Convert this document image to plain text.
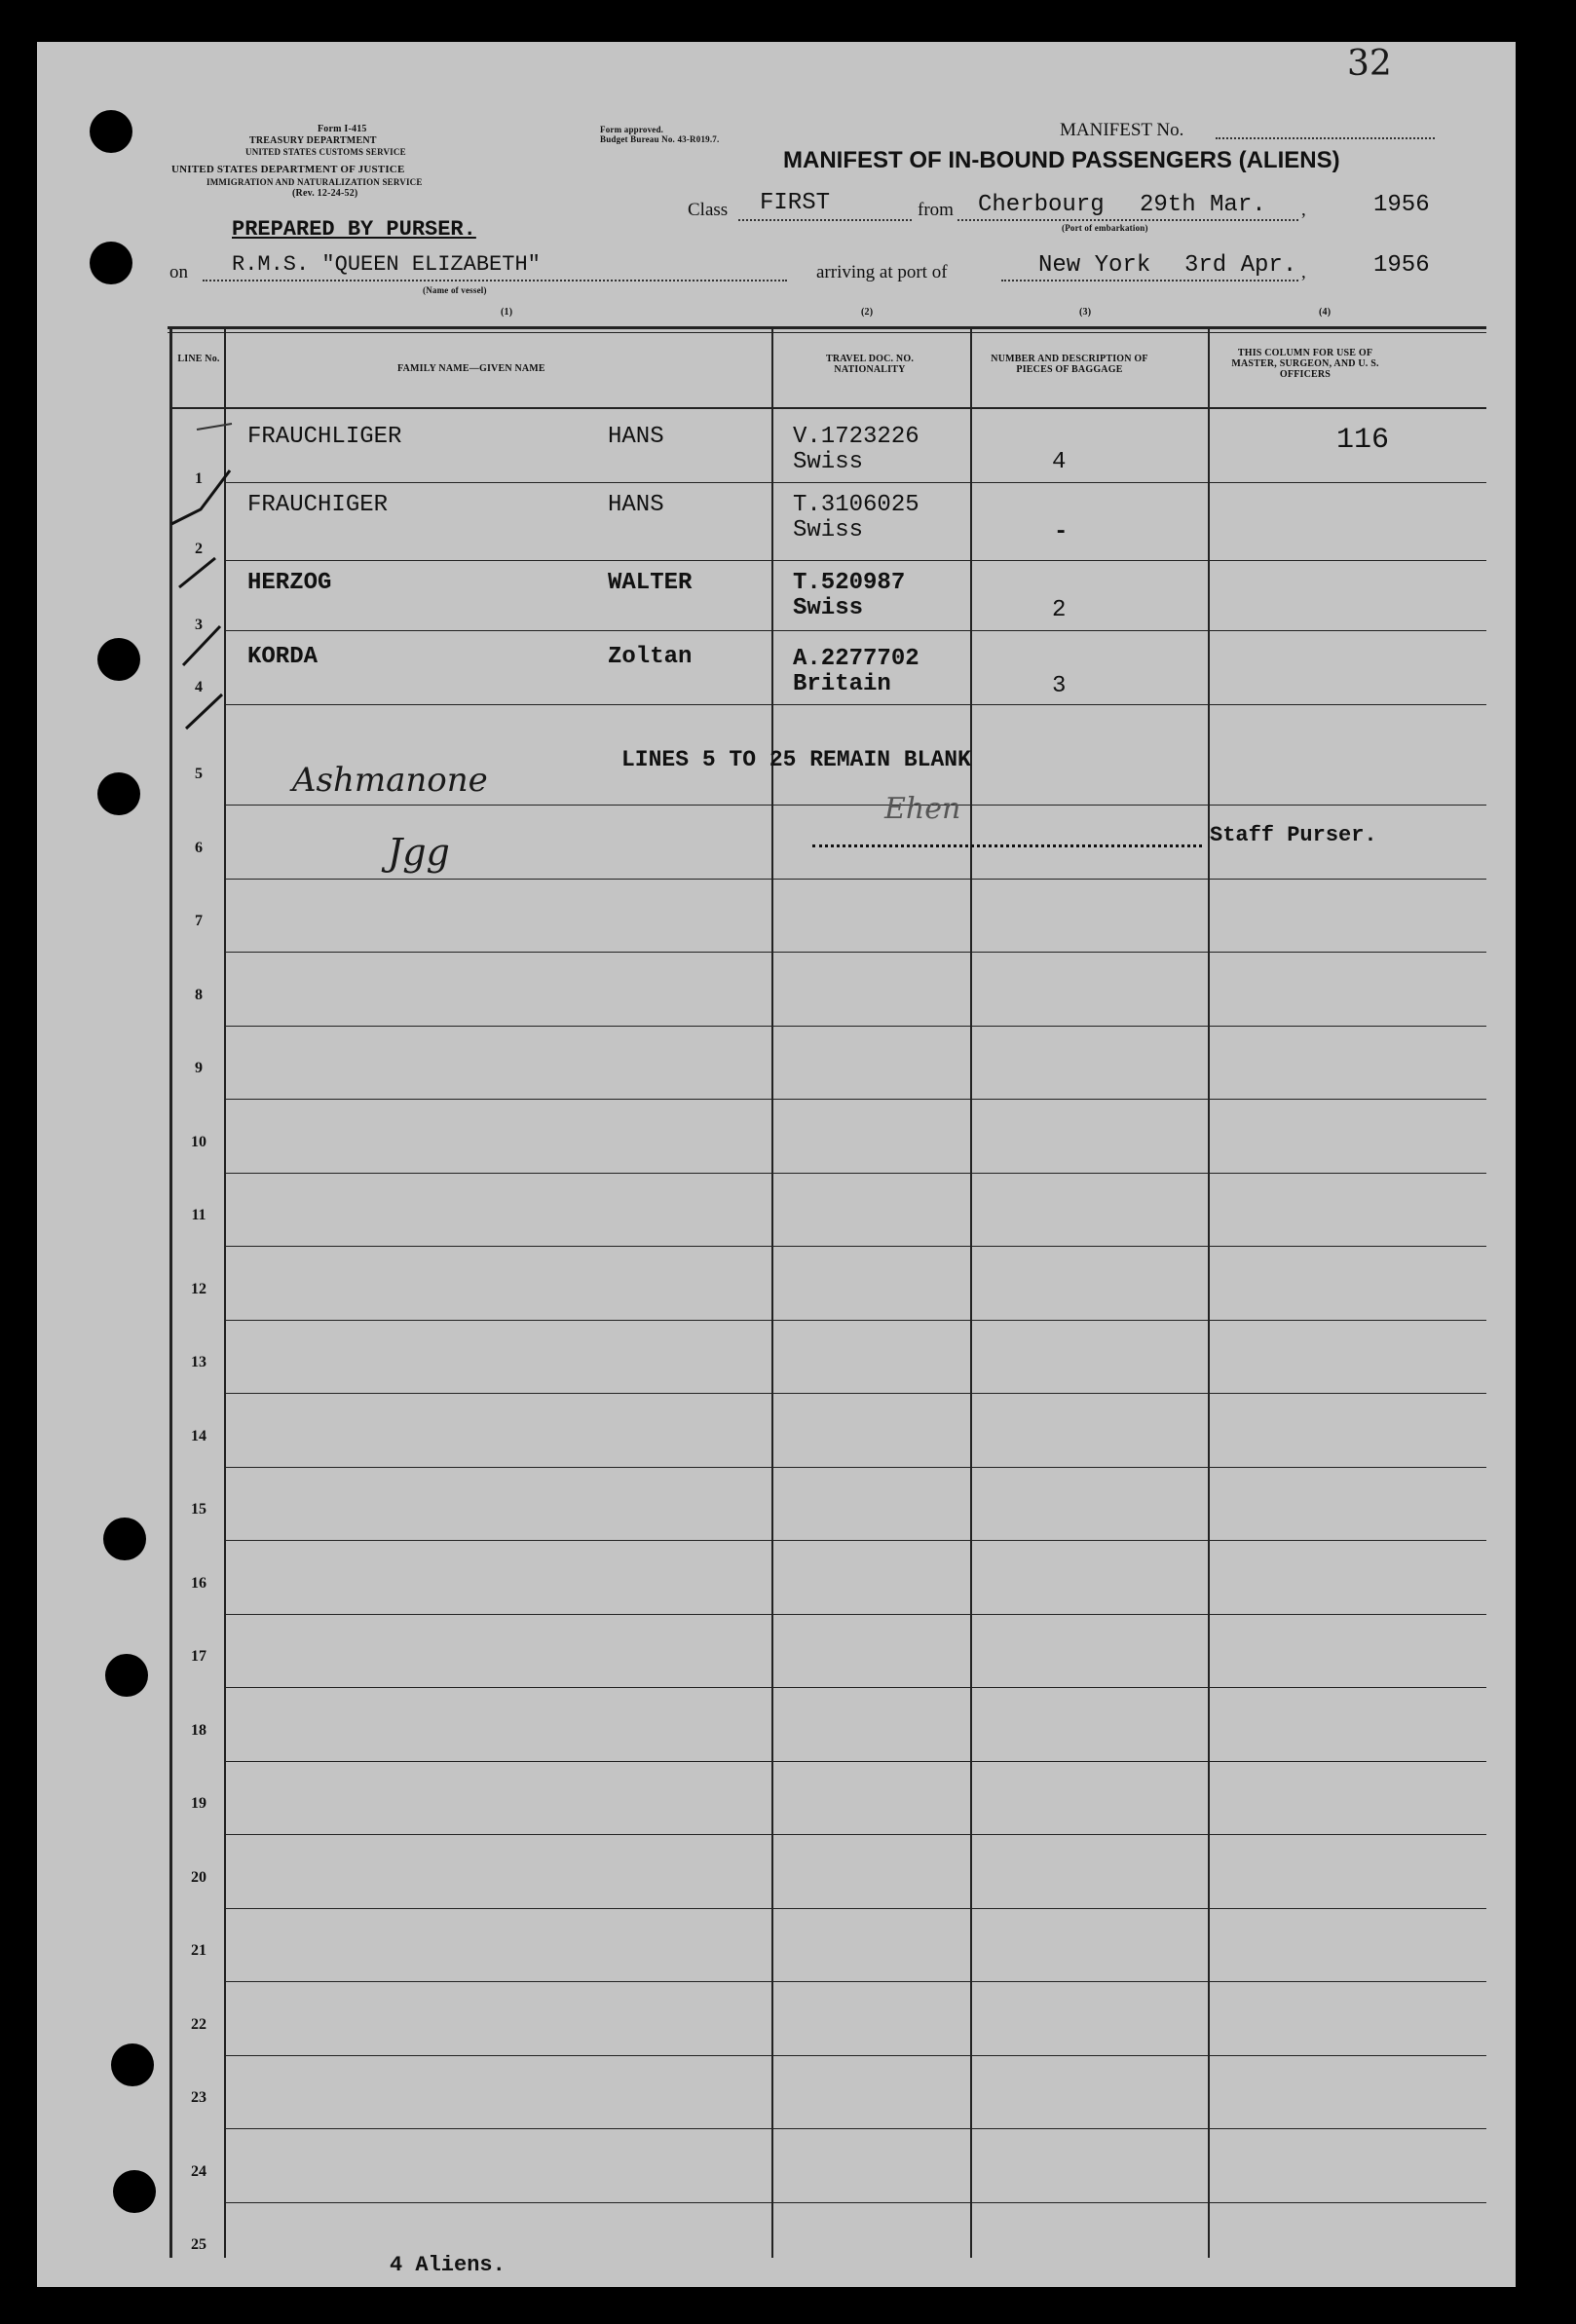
32
Form I-415
TREASURY DEPARTMENT
UNITED STATES CUSTOMS SERVICE
UNITED STATES DEPARTMENT OF JUSTICE
IMMIGRATION AND NATURALIZATION SERVICE
(Rev. 12-24-52)
Form approved.
Budget Bureau No. 43-R019.7.	MANIFEST No.
MANIFEST OF IN-BOUND PASSENGERS (ALIENS)
PREPARED BY PURSER.
Class FIRST	from Cherbourg 29th Mar. ,	1956
(Port of embarkation)
on R.M.S. "QUEEN ELIZABETH"
(Name of vessel)
arriving at port of	New York 3rd Apr. ,	1956
(1)	(2)	(3)	(4)
LINE No.
FAMILY NAME—GIVEN NAME
TRAVEL DOC. NO. NATIONALITY
NUMBER AND DESCRIPTION OF PIECES OF BAGGAGE
THIS COLUMN FOR USE OF MASTER, SURGEON, AND U. S. OFFICERS
1
FRAUCHLIGER	HANS	V.1723226
Swiss	4
116
2
FRAUCHIGER	HANS	T.3106025
Swiss	-
3
HERZOG	WALTER	T.520987
Swiss	2
4
KORDA	Zoltan	A.2277702
Britain	3
5
6
7
8
9
10
11
12
13
14
15
16
17
18
19
20
21
22
23
24
25
LINES 5 TO 25 REMAIN BLANK
Staff Purser.
Ashmanone
Jgg
Ehen
4 Aliens.
